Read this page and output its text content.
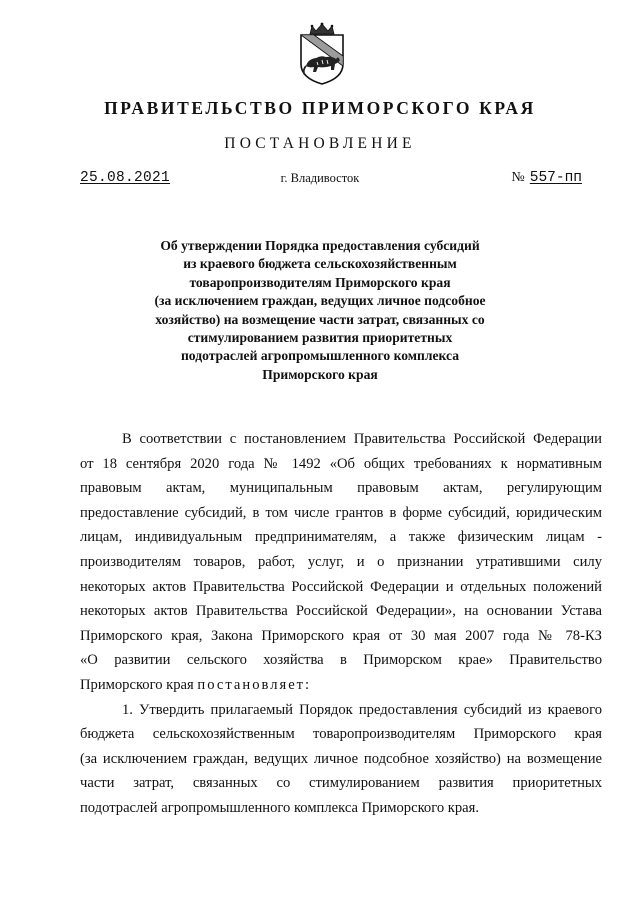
ПРАВИТЕЛЬСТВО ПРИМОРСКОГО КРАЯ
ПОСТАНОВЛЕНИЕ
25.08.2021	г. Владивосток	№ 557-пп
Об утверждении Порядка предоставления субсидий
из краевого бюджета сельскохозяйственным
товаропроизводителям Приморского края
(за исключением граждан, ведущих личное подсобное
хозяйство) на возмещение части затрат, связанных со
стимулированием развития приоритетных
подотраслей агропромышленного комплекса
Приморского края
В соответствии с постановлением Правительства Российской Федерации
от 18 сентября 2020 года № 1492 «Об общих требованиях к нормативным
правовым актам, муниципальным правовым актам, регулирующим
предоставление субсидий, в том числе грантов в форме субсидий, юридическим
лицам, индивидуальным предпринимателям, а также физическим лицам -
производителям товаров, работ, услуг, и о признании утратившими силу
некоторых актов Правительства Российской Федерации и отдельных положений
некоторых актов Правительства Российской Федерации», на основании Устава
Приморского края, Закона Приморского края от 30 мая 2007 года № 78-КЗ
«О развитии сельского хозяйства в Приморском крае» Правительство
Приморского края постановляет:
1. Утвердить прилагаемый Порядок предоставления субсидий из краевого
бюджета сельскохозяйственным товаропроизводителям Приморского края
(за исключением граждан, ведущих личное подсобное хозяйство) на возмещение
части затрат, связанных со стимулированием развития приоритетных
подотраслей агропромышленного комплекса Приморского края.
